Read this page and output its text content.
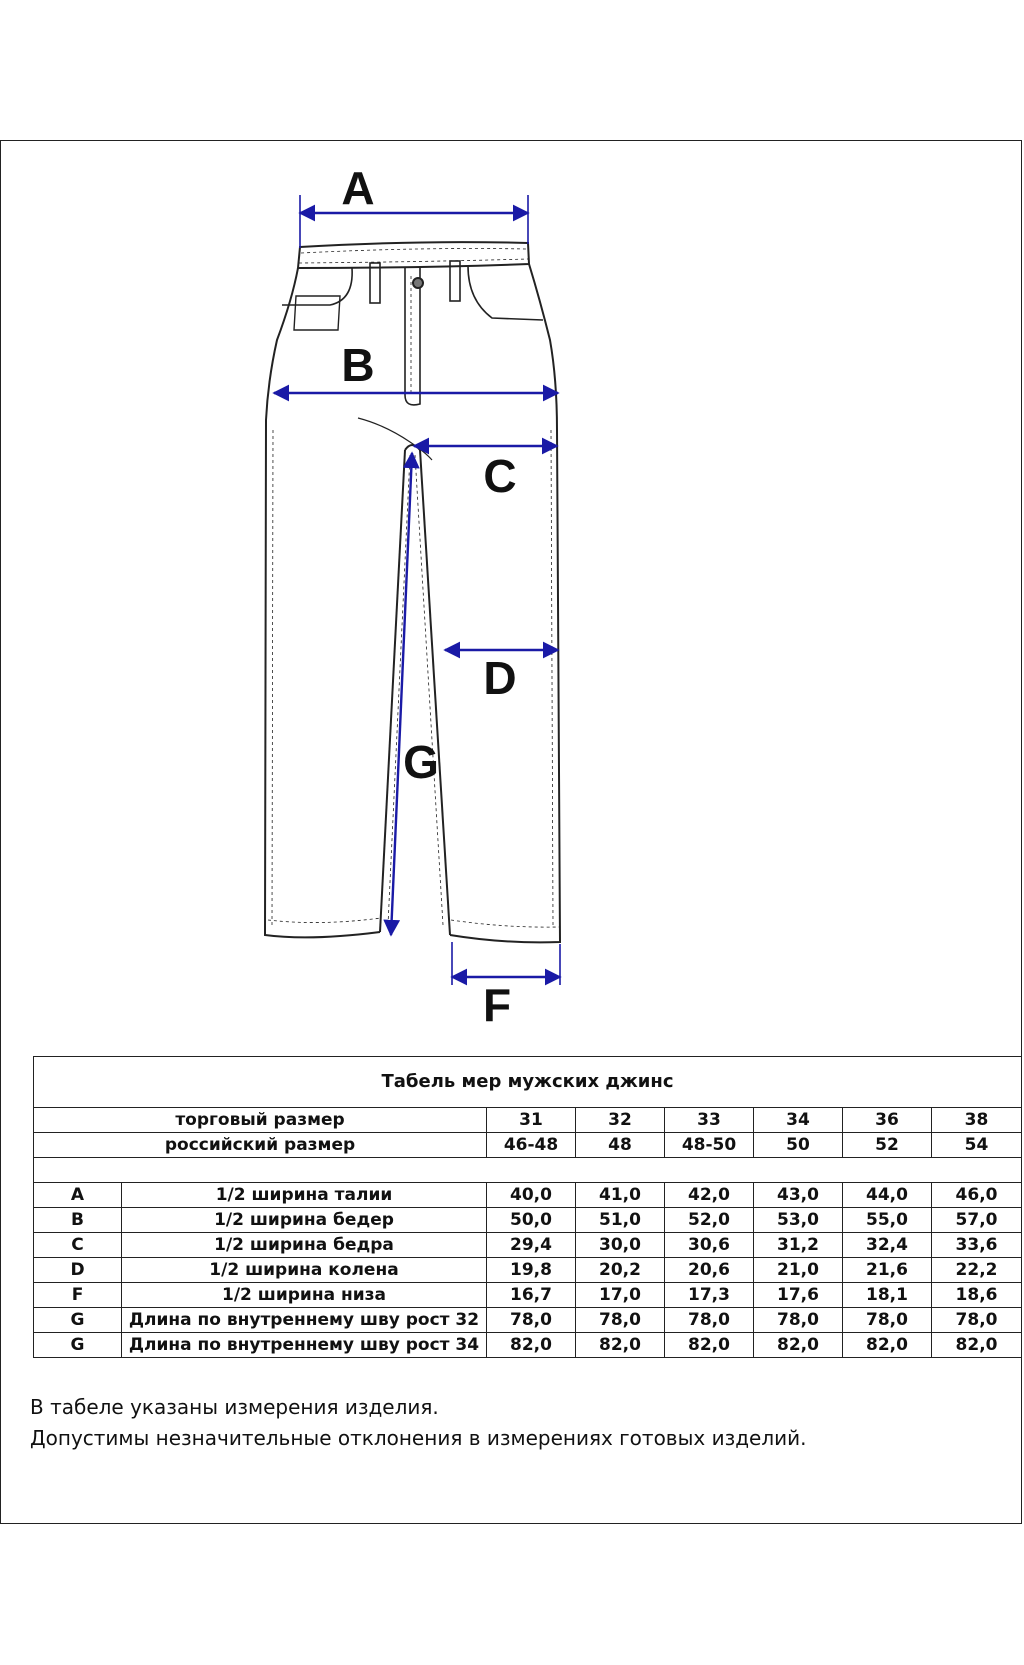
A
B
C
D
F
G
Табель мер мужских джинс							
торговый размер		31	32	33	34	36	38
российский размер		46-48	48	48-50	50	52	54

A	1/2 ширина талии	40,0	41,0	42,0	43,0	44,0	46,0
B	1/2 ширина бедер	50,0	51,0	52,0	53,0	55,0	57,0
C	1/2 ширина бедра	29,4	30,0	30,6	31,2	32,4	33,6
D	1/2 ширина колена	19,8	20,2	20,6	21,0	21,6	22,2
F	1/2 ширина низа	16,7	17,0	17,3	17,6	18,1	18,6
G	Длина по внутреннему шву рост 32	78,0	78,0	78,0	78,0	78,0	78,0
G	Длина по внутреннему шву рост 34	82,0	82,0	82,0	82,0	82,0	82,0
В табеле указаны измерения изделия.
Допустимы незначительные отклонения в измерениях готовых изделий.
